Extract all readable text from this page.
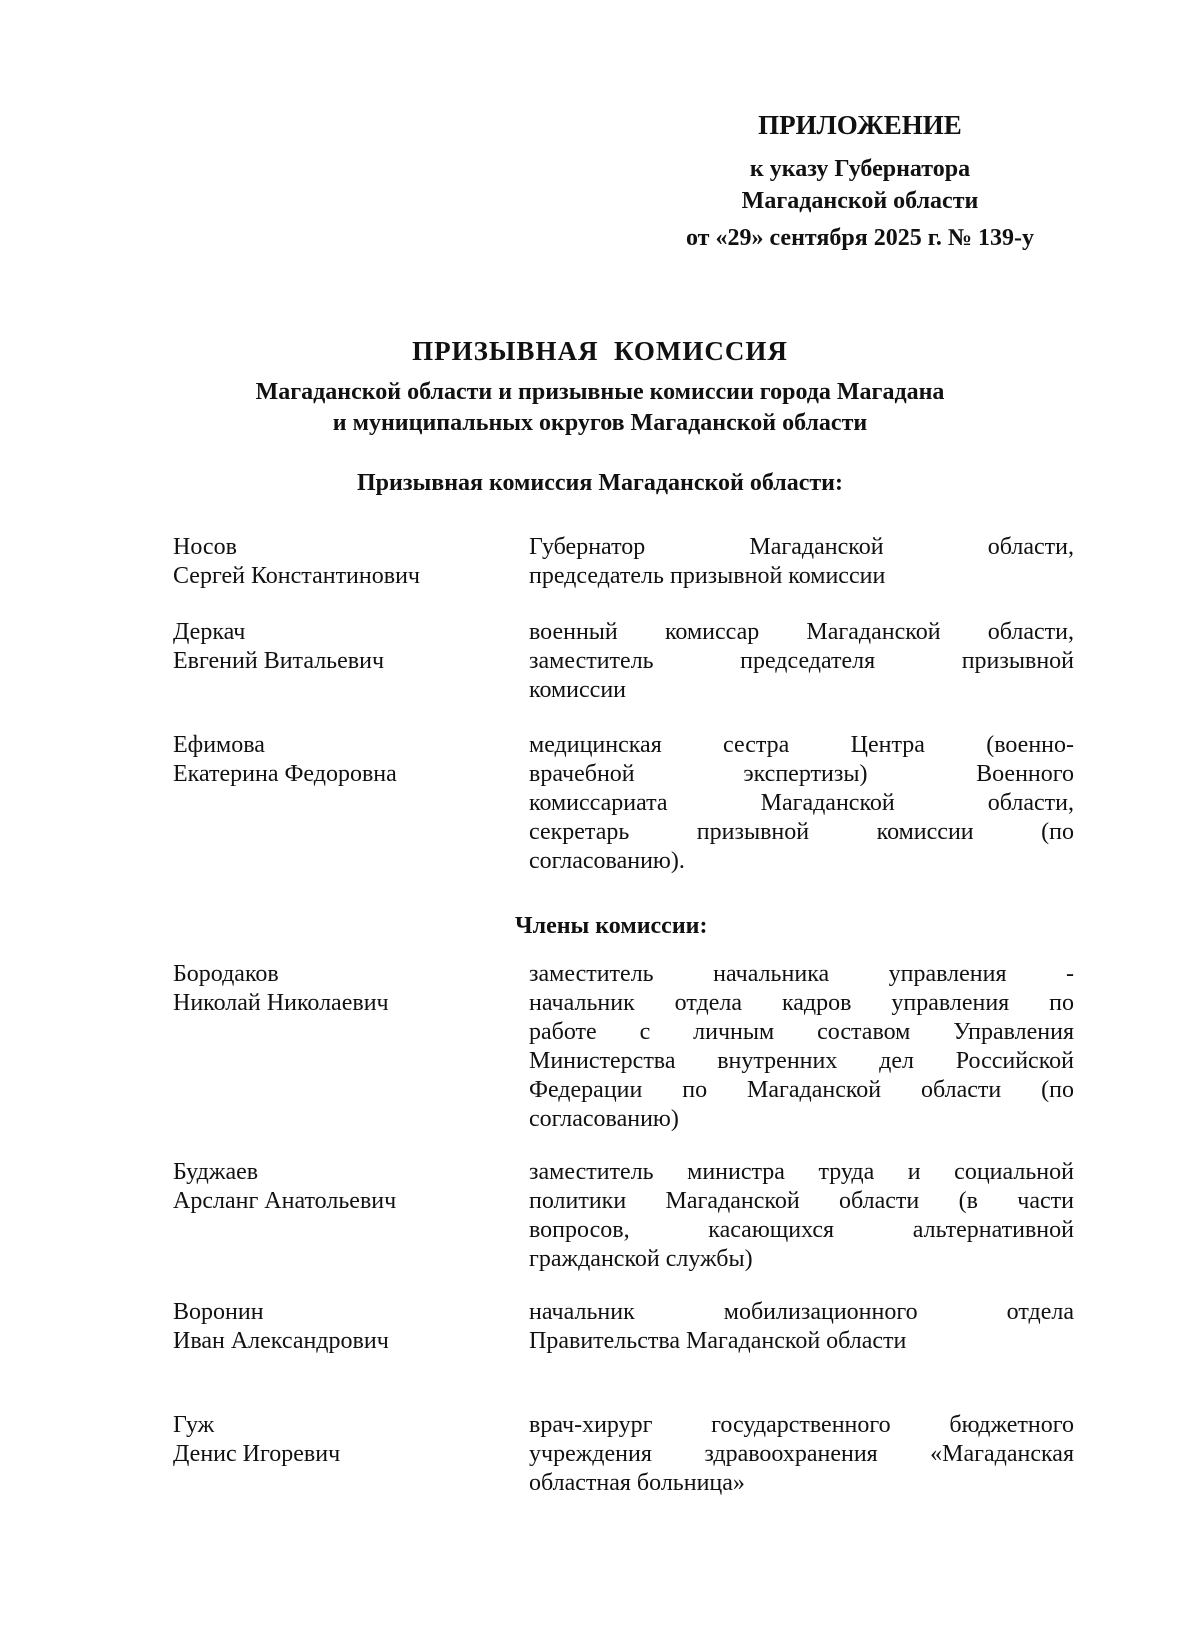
ПРИЛОЖЕНИЕ
к указу Губернатора
Магаданской области
от «29» сентября 2025 г. № 139-у
ПРИЗЫВНАЯ  КОМИССИЯ
Магаданской области и призывные комиссии города Магадана
и муниципальных округов Магаданской области
Призывная комиссия Магаданской области:
Носов
Сергей Константинович
Губернатор Магаданской области,
председатель призывной комиссии
Деркач
Евгений Витальевич
военный комиссар Магаданской области,
заместитель председателя призывной
комиссии
Ефимова
Екатерина Федоровна
медицинская сестра Центра (военно-
врачебной экспертизы) Военного
комиссариата Магаданской области,
секретарь призывной комиссии (по
согласованию).
Члены комиссии:
Бородаков
Николай Николаевич
заместитель начальника управления -
начальник отдела кадров управления по
работе с личным составом Управления
Министерства внутренних дел Российской
Федерации по Магаданской области (по
согласованию)
Буджаев
Арсланг Анатольевич
заместитель министра труда и социальной
политики Магаданской области (в части
вопросов, касающихся альтернативной
гражданской службы)
Воронин
Иван Александрович
начальник мобилизационного отдела
Правительства Магаданской области
Гуж
Денис Игоревич
врач-хирург государственного бюджетного
учреждения здравоохранения «Магаданская
областная больница»
